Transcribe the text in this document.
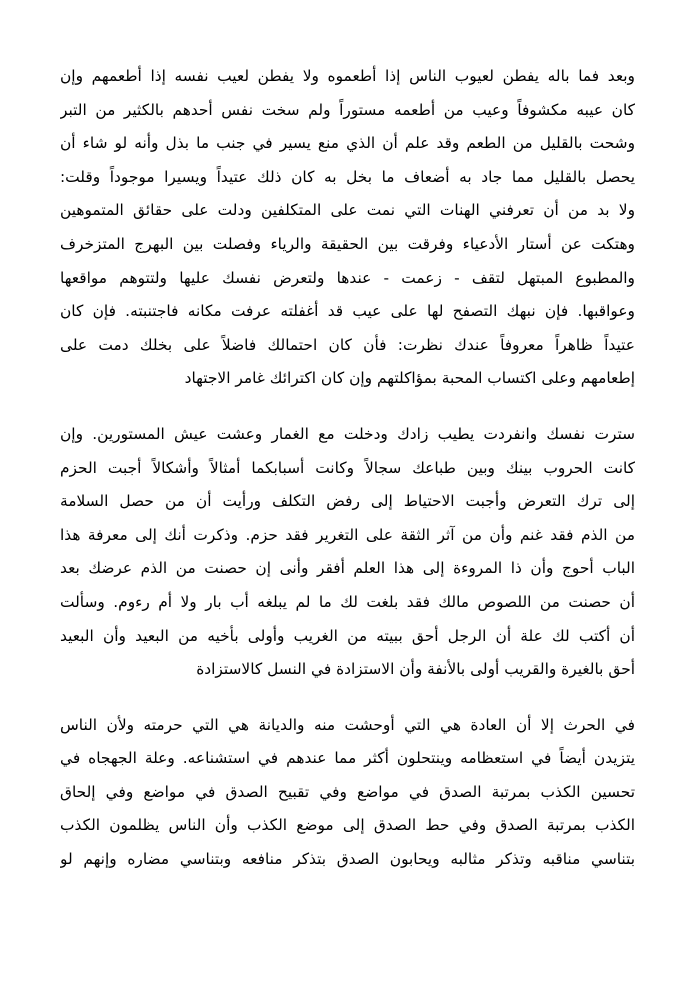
وبعد فما باله يفطن لعيوب الناس إذا أطعموه ولا يفطن لعيب نفسه إذا أطعمهم وإن
كان عيبه مكشوفاً وعيب من أطعمه مستوراً ولم سخت نفس أحدهم بالكثير من التبر
وشحت بالقليل من الطعم وقد علم أن الذي منع يسير في جنب ما بذل وأنه لو شاء أن
يحصل بالقليل مما جاد به أضعاف ما بخل به كان ذلك عتيداً ويسيرا موجوداً وقلت:
ولا بد من أن تعرفني الهنات التي نمت على المتكلفين ودلت على حقائق المتموهين
وهتكت عن أستار الأدعياء وفرقت بين الحقيقة والرياء وفصلت بين البهرج المتزخرف
والمطبوع المبتهل لتقف - زعمت - عندها ولتعرض نفسك عليها ولتتوهم مواقعها
وعواقبها. فإن نبهك التصفح لها على عيب قد أغفلته عرفت مكانه فاجتنبته. فإن كان
عتيداً ظاهراً معروفاً عندك نظرت: فأن كان احتمالك فاضلاً على بخلك دمت على
إطعامهم وعلى اكتساب المحبة بمؤاكلتهم وإن كان اكترائك غامر الاجتهاد
سترت نفسك وانفردت يطيب زادك ودخلت مع الغمار وعشت عيش المستورين. وإن
كانت الحروب بينك وبين طباعك سجالاً وكانت أسبابكما أمثالاً وأشكالاً أجبت الحزم
إلى ترك التعرض وأجبت الاحتياط إلى رفض التكلف ورأيت أن من حصل السلامة
من الذم فقد غنم وأن من آثر الثقة على التغرير فقد حزم. وذكرت أنك إلى معرفة هذا
الباب أحوج وأن ذا المروءة إلى هذا العلم أفقر وأنى إن حصنت من الذم عرضك بعد
أن حصنت من اللصوص مالك فقد بلغت لك ما لم يبلغه أب بار ولا أم رءوم. وسألت
أن أكتب لك علة أن الرجل أحق ببيته من الغريب وأولى بأخيه من البعيد وأن البعيد
أحق بالغيرة والقريب أولى بالأنفة وأن الاستزادة في النسل كالاستزادة
في الحرث إلا أن العادة هي التي أوحشت منه والديانة هي التي حرمته ولأن الناس
يتزيدن أيضاً في استعظامه وينتحلون أكثر مما عندهم في استشناعه. وعلة الجهجاه في
تحسين الكذب بمرتبة الصدق في مواضع وفي تقبيح الصدق في مواضع وفي إلحاق
الكذب بمرتبة الصدق وفي حط الصدق إلى موضع الكذب وأن الناس يظلمون الكذب
بتناسي مناقبه وتذكر مثالبه ويحابون الصدق بتذكر منافعه وبتناسي مضاره وإنهم لو
